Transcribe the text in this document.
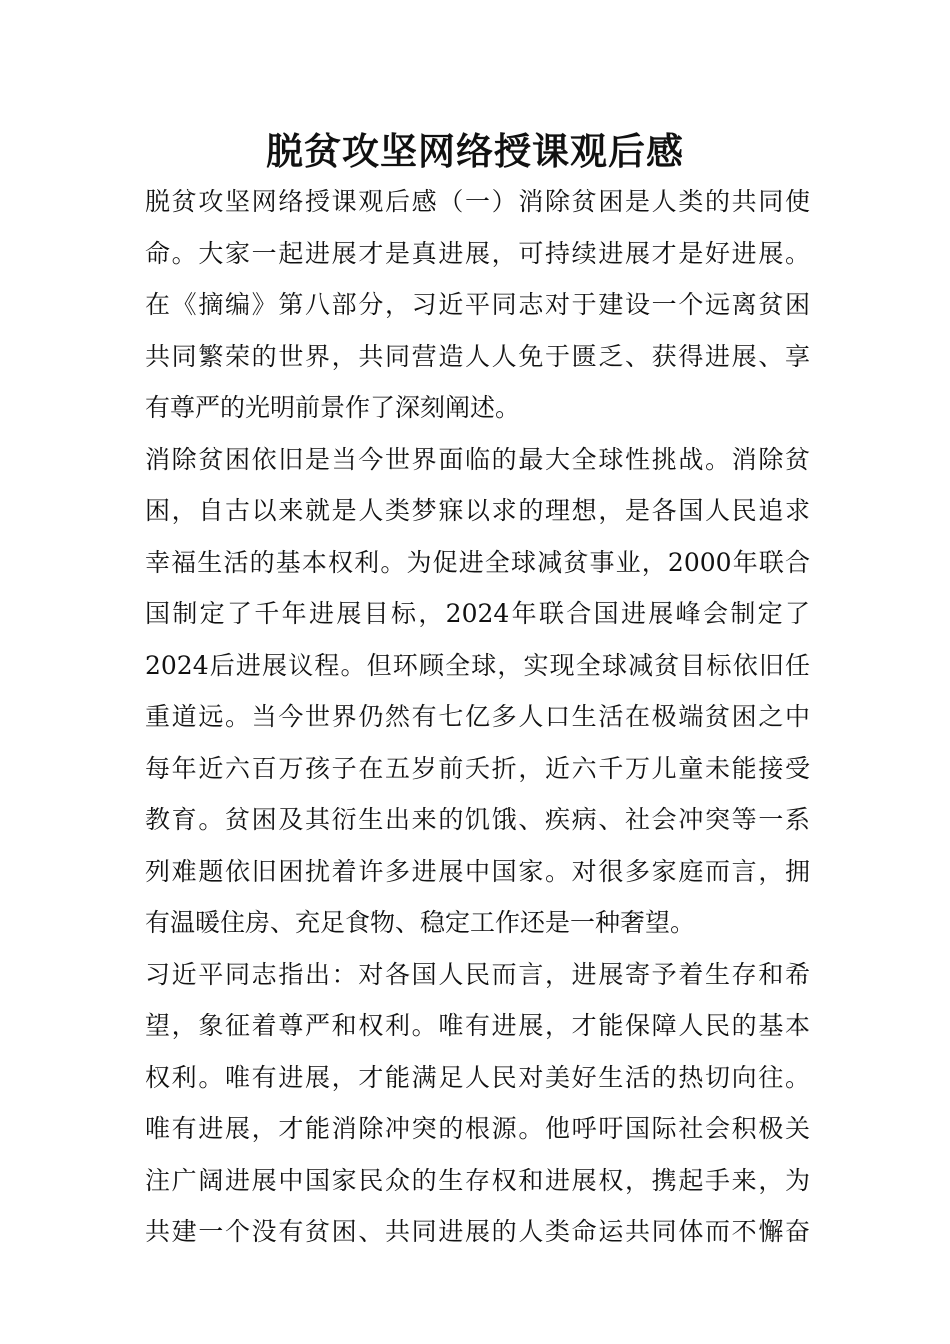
脱贫攻坚网络授课观后感
脱贫攻坚网络授课观后感（一）消除贫困是人类的共同使
命。大家一起进展才是真进展，可持续进展才是好进展。
在《摘编》第八部分，习近平同志对于建设一个远离贫困
共同繁荣的世界，共同营造人人免于匮乏、获得进展、享
有尊严的光明前景作了深刻阐述。
消除贫困依旧是当今世界面临的最大全球性挑战。消除贫
困，自古以来就是人类梦寐以求的理想，是各国人民追求
幸福生活的基本权利。为促进全球减贫事业，2000年联合
国制定了千年进展目标，2024年联合国进展峰会制定了
2024后进展议程。但环顾全球，实现全球减贫目标依旧任
重道远。当今世界仍然有七亿多人口生活在极端贫困之中
每年近六百万孩子在五岁前夭折，近六千万儿童未能接受
教育。贫困及其衍生出来的饥饿、疾病、社会冲突等一系
列难题依旧困扰着许多进展中国家。对很多家庭而言，拥
有温暖住房、充足食物、稳定工作还是一种奢望。
习近平同志指出：对各国人民而言，进展寄予着生存和希
望，象征着尊严和权利。唯有进展，才能保障人民的基本
权利。唯有进展，才能满足人民对美好生活的热切向往。
唯有进展，才能消除冲突的根源。他呼吁国际社会积极关
注广阔进展中国家民众的生存权和进展权，携起手来，为
共建一个没有贫困、共同进展的人类命运共同体而不懈奋
